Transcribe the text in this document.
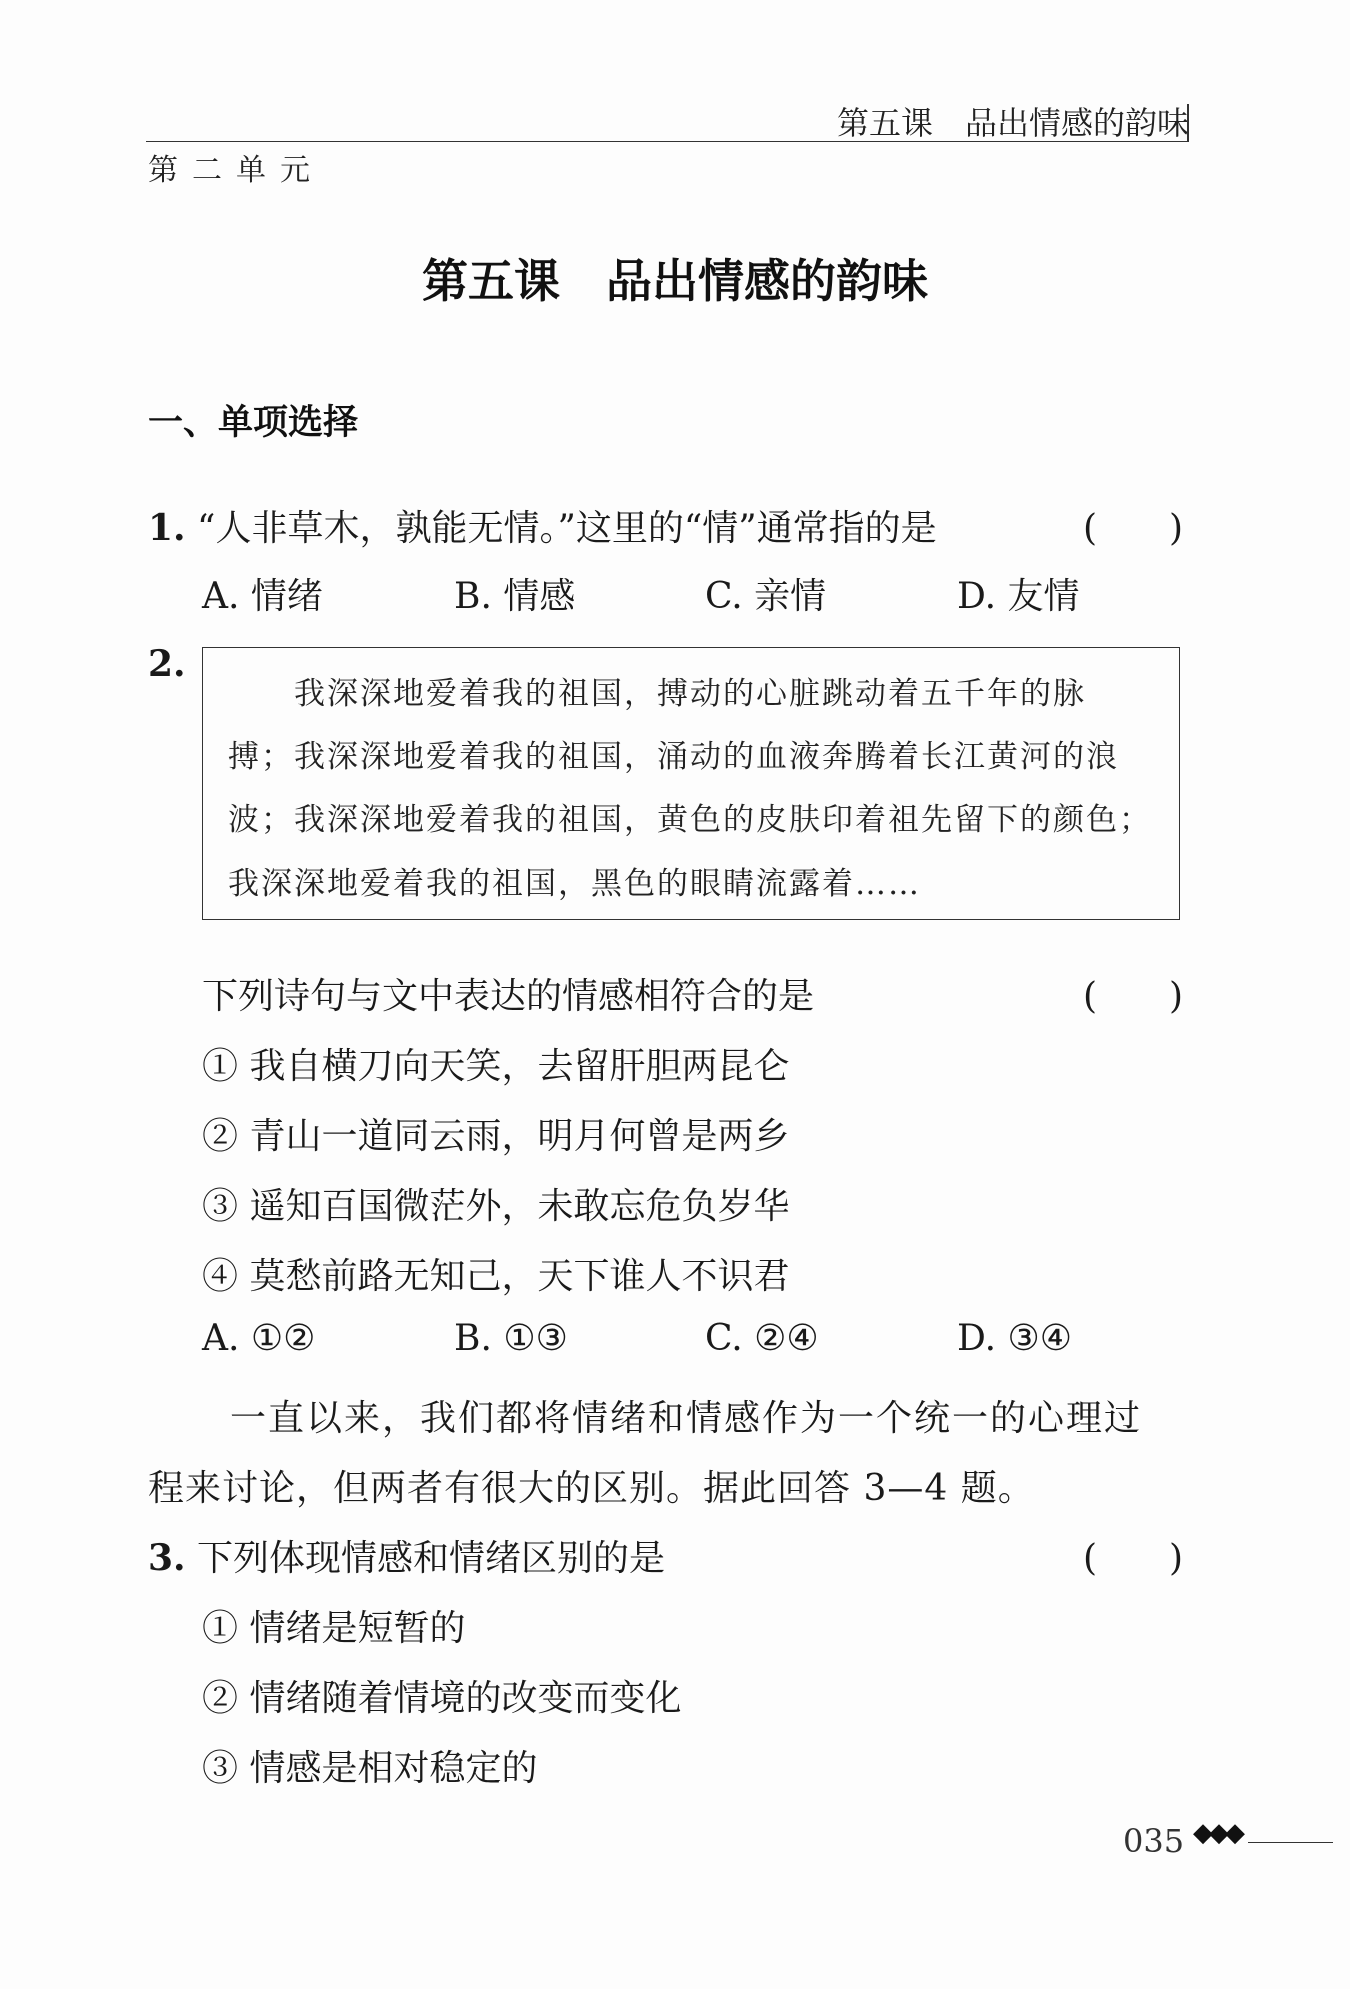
第五课　品出情感的韵味
第二单元
第五课　品出情感的韵味
一、单项选择
1. “人非草木，孰能无情。”这里的“情”通常指的是	(　　)
A. 情绪	B. 情感	C. 亲情	D. 友情
2.
　　我深深地爱着我的祖国，搏动的心脏跳动着五千年的脉
搏；我深深地爱着我的祖国，涌动的血液奔腾着长江黄河的浪
波；我深深地爱着我的祖国，黄色的皮肤印着祖先留下的颜色；
我深深地爱着我的祖国，黑色的眼睛流露着……
下列诗句与文中表达的情感相符合的是	(　　)
① 我自横刀向天笑，去留肝胆两昆仑
② 青山一道同云雨，明月何曾是两乡
③ 遥知百国微茫外，未敢忘危负岁华
④ 莫愁前路无知己，天下谁人不识君
A. ①②	B. ①③	C. ②④	D. ③④
一直以来，我们都将情绪和情感作为一个统一的心理过
程来讨论，但两者有很大的区别。据此回答 3—4 题。
3. 下列体现情感和情绪区别的是	(　　)
① 情绪是短暂的
② 情绪随着情境的改变而变化
③ 情感是相对稳定的
035 ◆◆◆
